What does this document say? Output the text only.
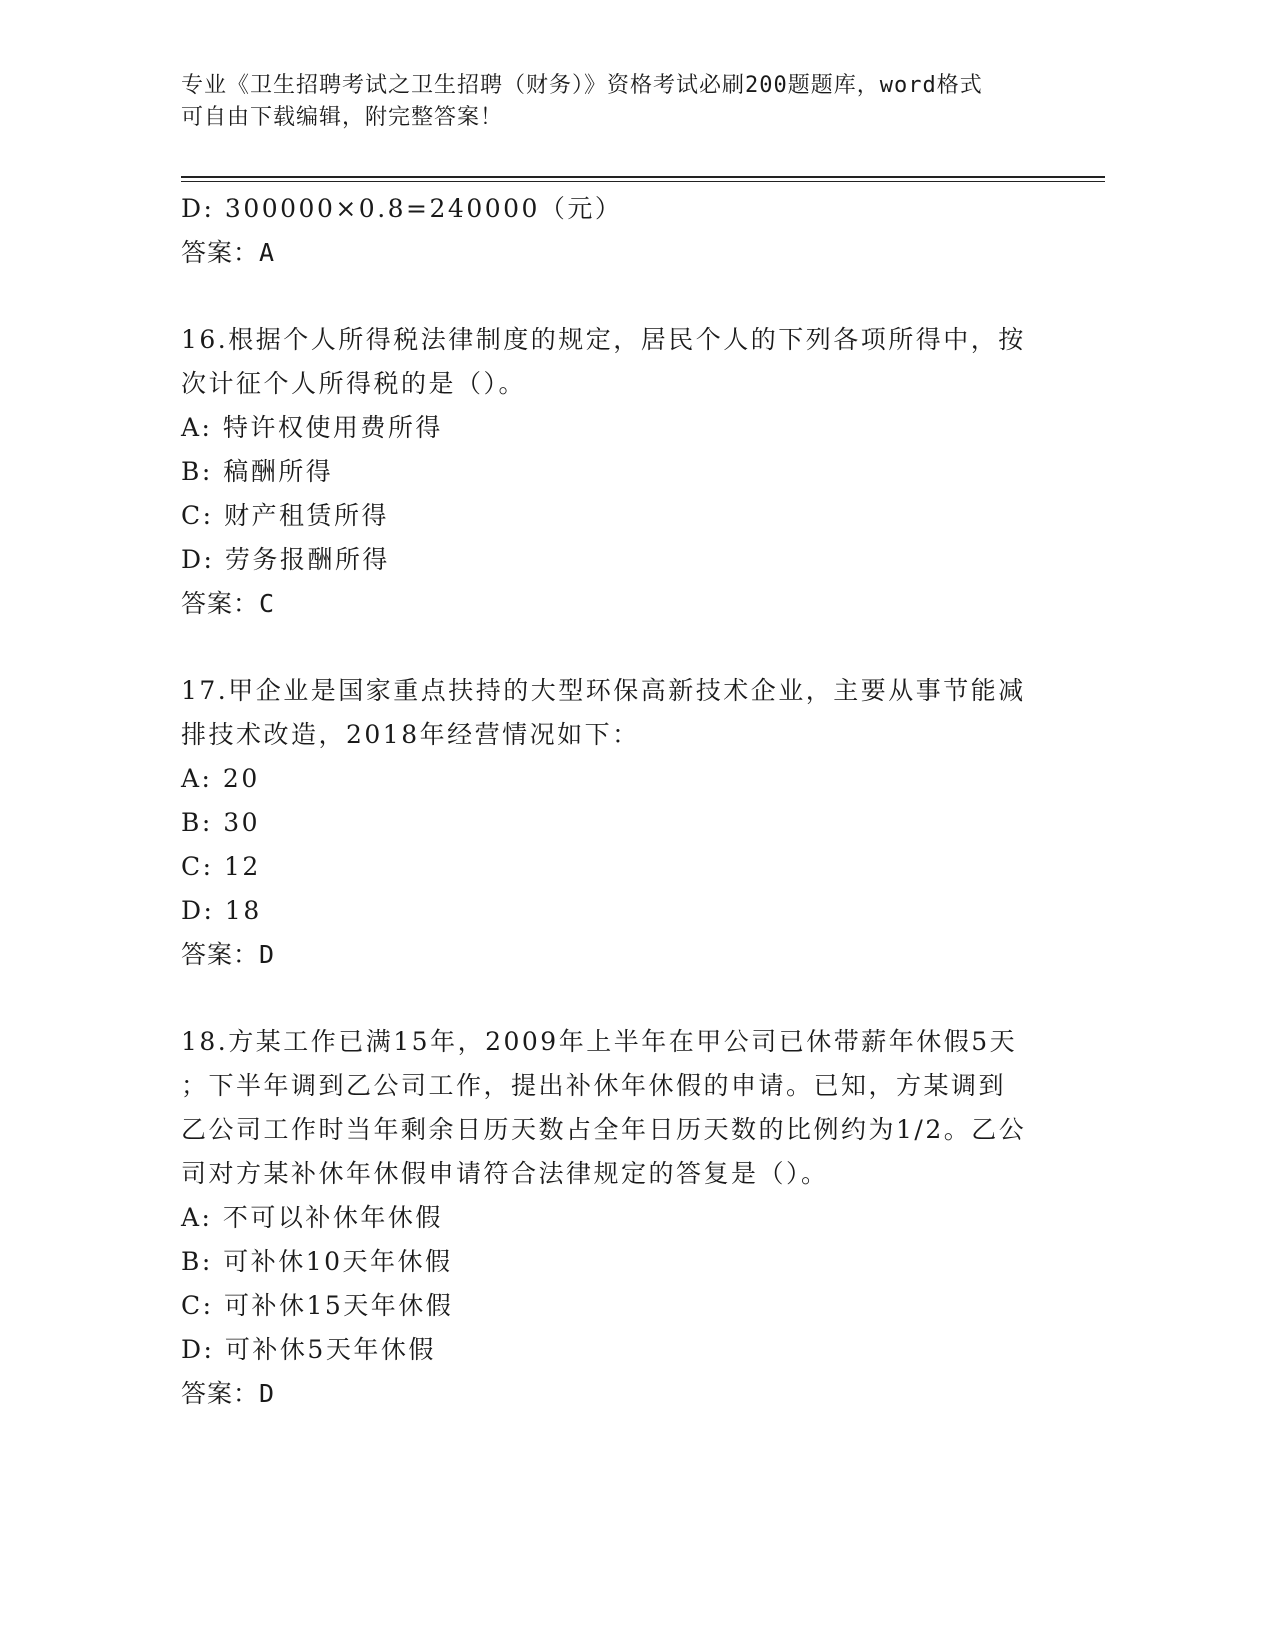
专业《卫生招聘考试之卫生招聘（财务）》资格考试必刷200题题库，word格式
可自由下载编辑，附完整答案！
D: 300000×0.8=240000（元）
答案：A
16.根据个人所得税法律制度的规定，居民个人的下列各项所得中，按
次计征个人所得税的是（）。
A: 特许权使用费所得
B: 稿酬所得
C: 财产租赁所得
D: 劳务报酬所得
答案：C
17.甲企业是国家重点扶持的大型环保高新技术企业，主要从事节能减
排技术改造，2018年经营情况如下：
A: 20
B: 30
C: 12
D: 18
答案：D
18.方某工作已满15年，2009年上半年在甲公司已休带薪年休假5天
；下半年调到乙公司工作，提出补休年休假的申请。已知，方某调到
乙公司工作时当年剩余日历天数占全年日历天数的比例约为1/2。乙公
司对方某补休年休假申请符合法律规定的答复是（）。
A: 不可以补休年休假
B: 可补休10天年休假
C: 可补休15天年休假
D: 可补休5天年休假
答案：D
